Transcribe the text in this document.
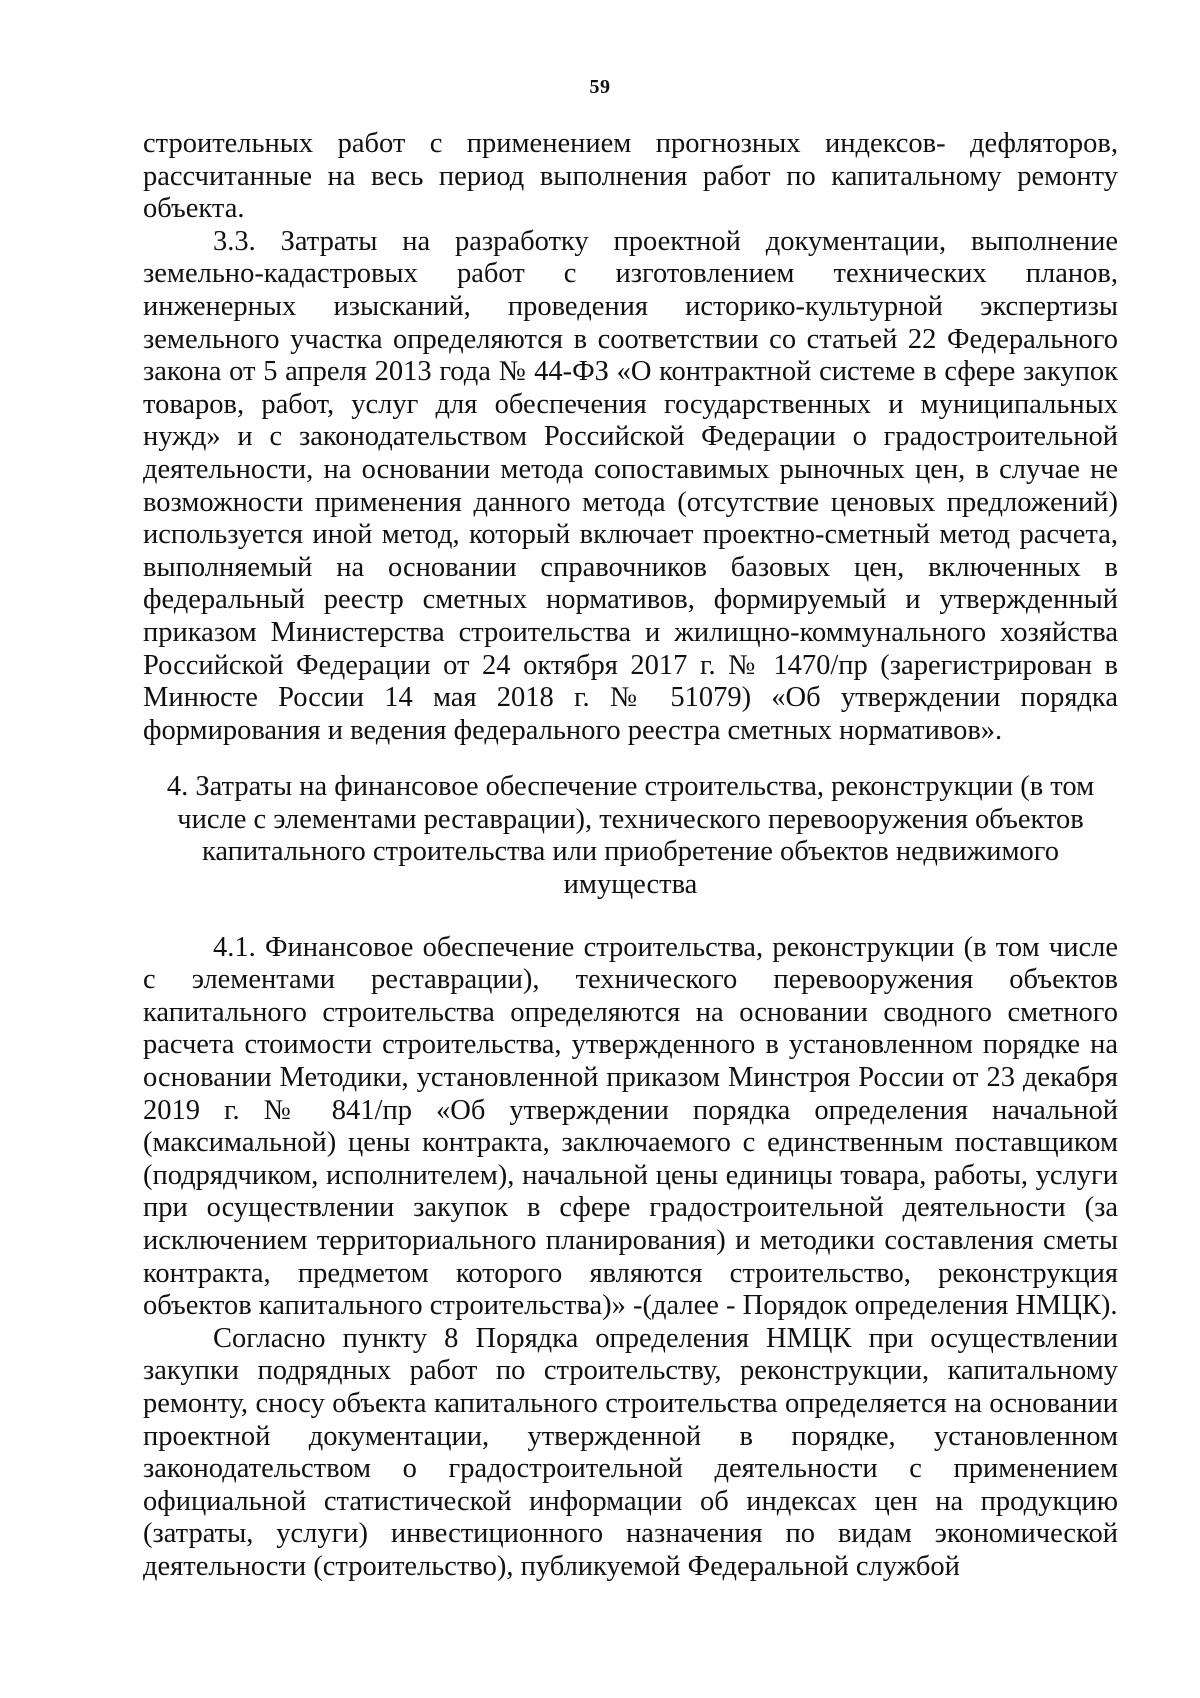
59

строительных работ с применением прогнозных индексов- дефляторов, рассчитанные на весь период выполнения работ по капитальному ремонту объекта.

3.3. Затраты на разработку проектной документации, выполнение земельно-кадастровых работ с изготовлением технических планов, инженерных изысканий, проведения историко-культурной экспертизы земельного участка определяются в соответствии со статьей 22 Федерального закона от 5 апреля 2013 года № 44-ФЗ «О контрактной системе в сфере закупок товаров, работ, услуг для обеспечения государственных и муниципальных нужд» и с законодательством Российской Федерации о градостроительной деятельности, на основании метода сопоставимых рыночных цен, в случае не возможности применения данного метода (отсутствие ценовых предложений) используется иной метод, который включает проектно-сметный метод расчета, выполняемый на основании справочников базовых цен, включенных в федеральный реестр сметных нормативов, формируемый и утвержденный приказом Министерства строительства и жилищно-коммунального хозяйства Российской Федерации от 24 октября 2017 г. № 1470/пр (зарегистрирован в Минюсте России 14 мая 2018 г. № 51079) «Об утверждении порядка формирования и ведения федерального реестра сметных нормативов».

4. Затраты на финансовое обеспечение строительства, реконструкции (в том
числе с элементами реставрации), технического перевооружения объектов
капитального строительства или приобретение объектов недвижимого
имущества

4.1. Финансовое обеспечение строительства, реконструкции (в том числе с элементами реставрации), технического перевооружения объектов капитального строительства определяются на основании сводного сметного расчета стоимости строительства, утвержденного в установленном порядке на основании Методики, установленной приказом Минстроя России от 23 декабря 2019 г. № 841/пр «Об утверждении порядка определения начальной (максимальной) цены контракта, заключаемого с единственным поставщиком (подрядчиком, исполнителем), начальной цены единицы товара, работы, услуги при осуществлении закупок в сфере градостроительной деятельности (за исключением территориального планирования) и методики составления сметы контракта, предметом которого являются строительство, реконструкция объектов капитального строительства)» -(далее - Порядок определения НМЦК).

Согласно пункту 8 Порядка определения НМЦК при осуществлении закупки подрядных работ по строительству, реконструкции, капитальному ремонту, сносу объекта капитального строительства определяется на основании проектной документации, утвержденной в порядке, установленном законодательством о градостроительной деятельности с применением официальной статистической информации об индексах цен на продукцию (затраты, услуги) инвестиционного назначения по видам экономической деятельности (строительство), публикуемой Федеральной службой
